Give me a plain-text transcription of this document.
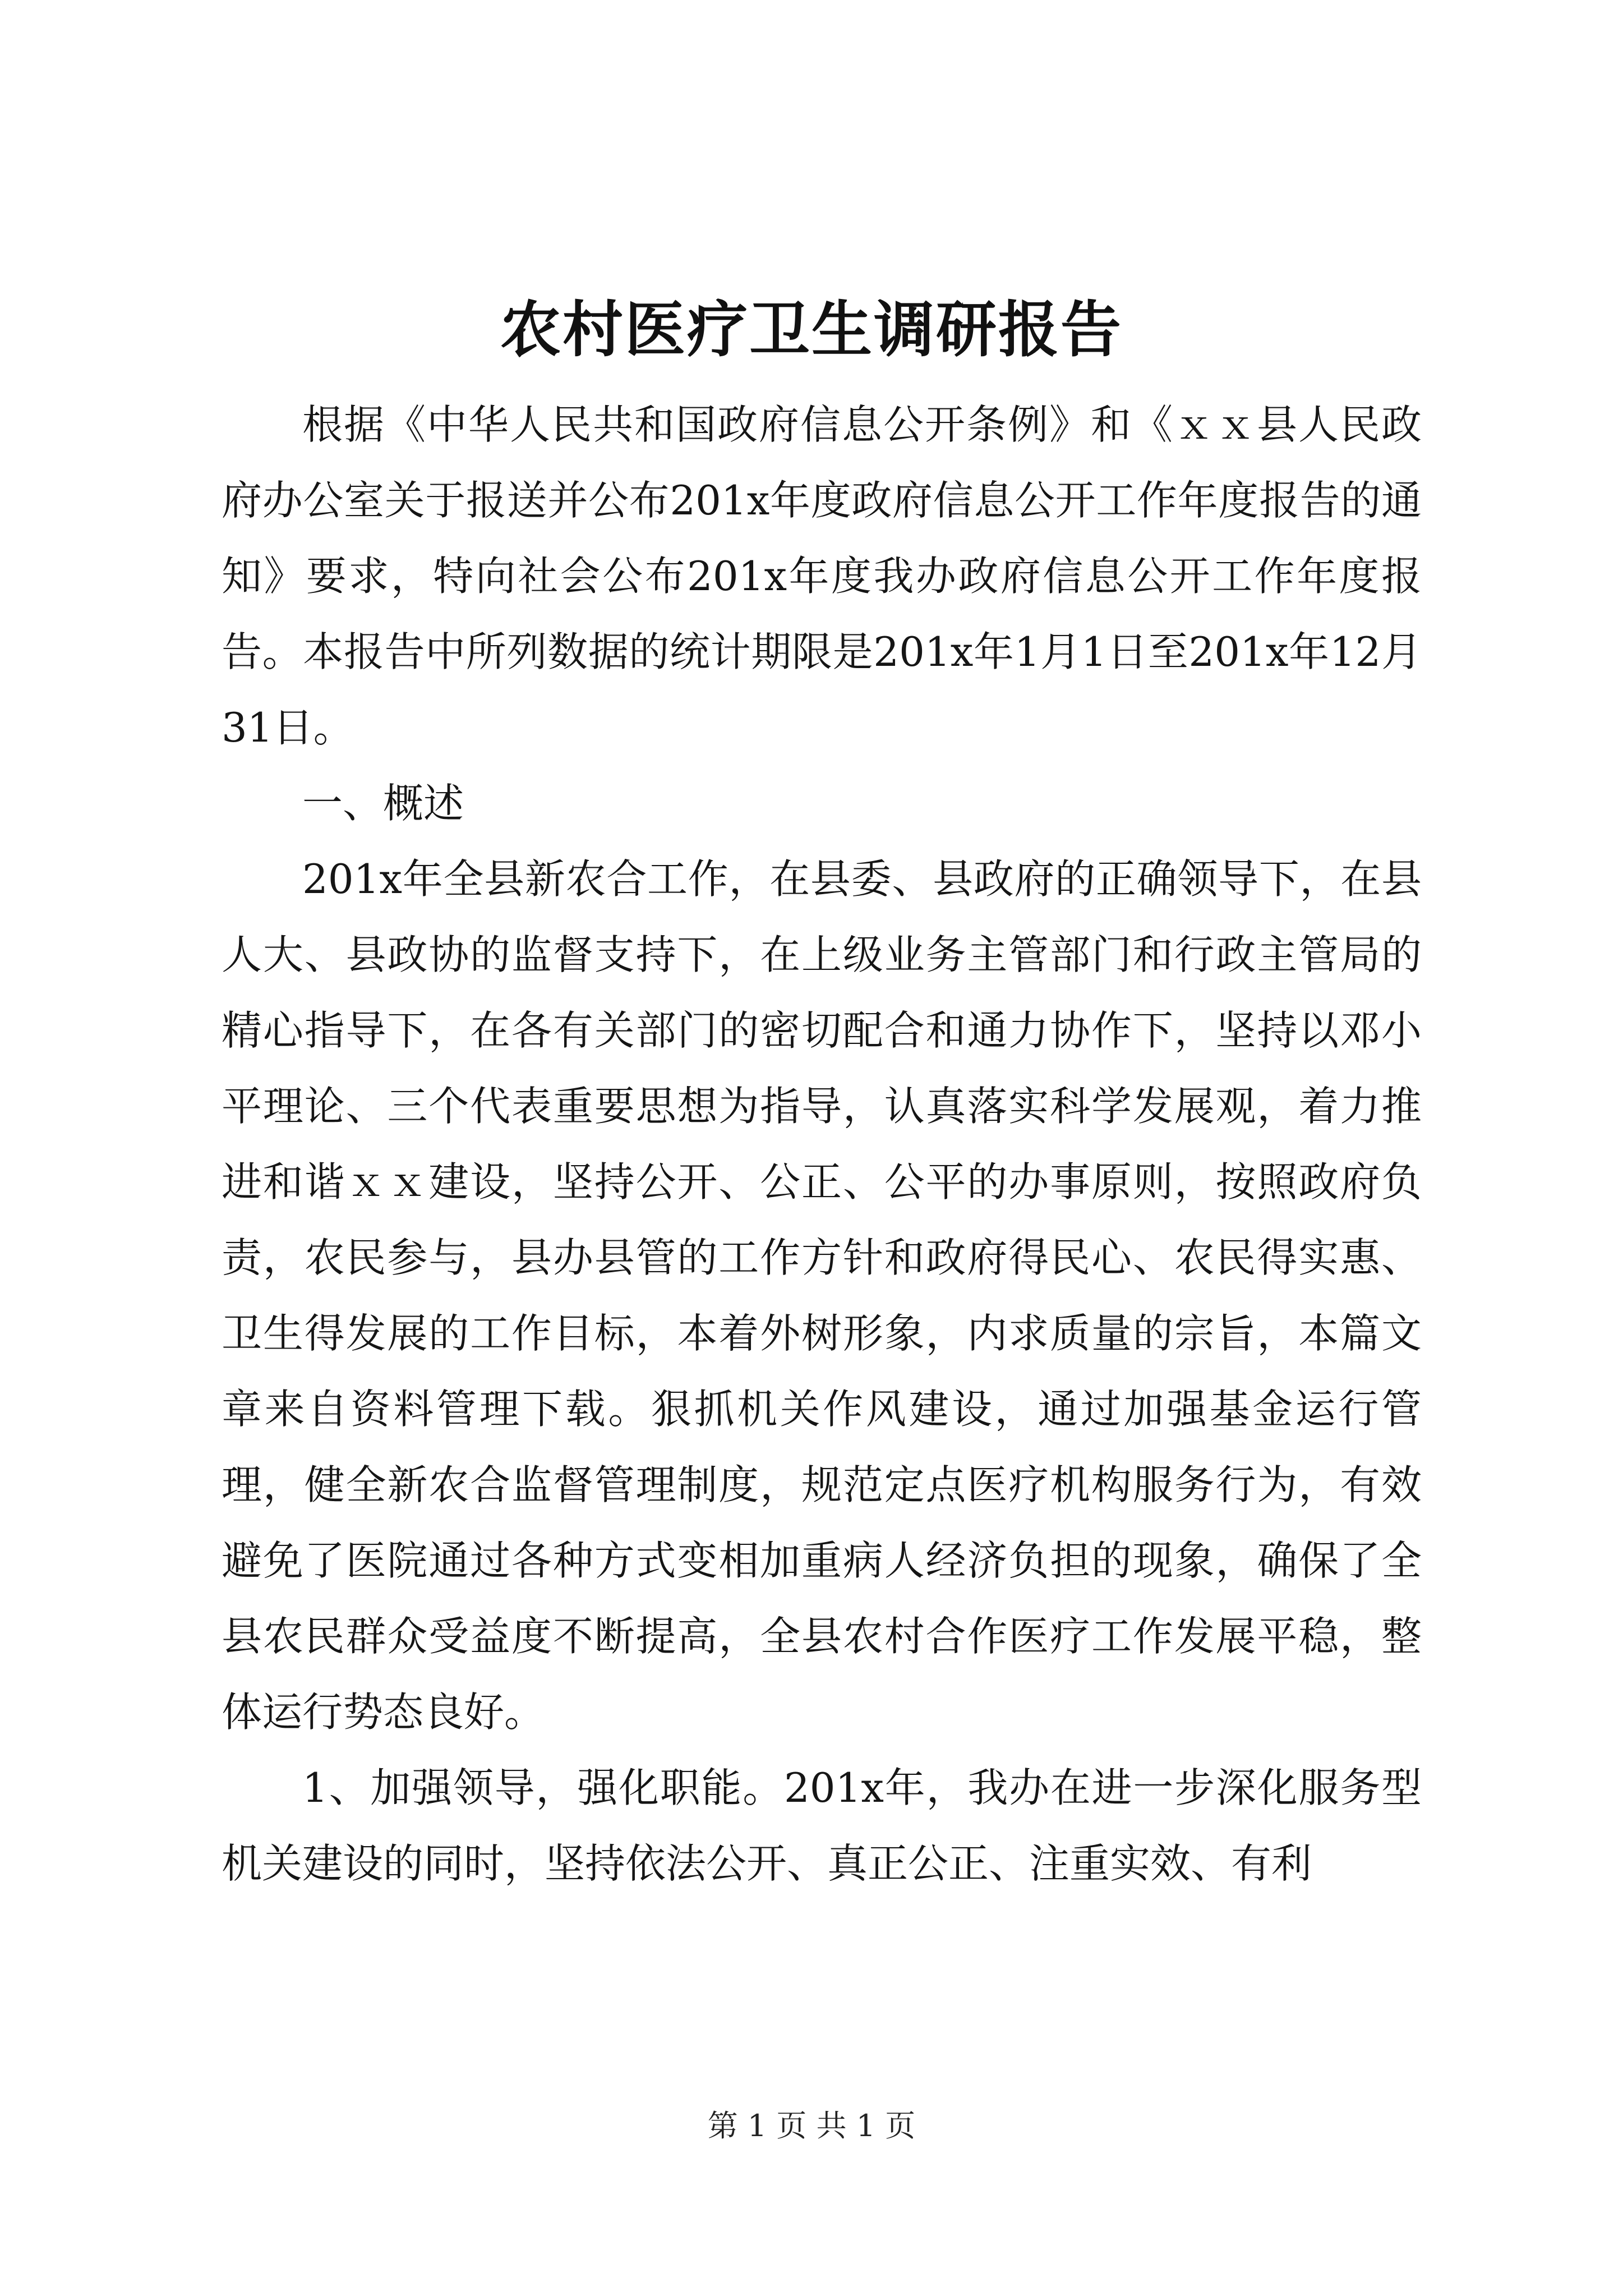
农村医疗卫生调研报告

根据《中华人民共和国政府信息公开条例》和《ｘｘ县人民政府办公室关于报送并公布201x年度政府信息公开工作年度报告的通知》要求，特向社会公布201x年度我办政府信息公开工作年度报告。本报告中所列数据的统计期限是201x年1月1日至201x年12月31日。

一、概述

201x年全县新农合工作，在县委、县政府的正确领导下，在县人大、县政协的监督支持下，在上级业务主管部门和行政主管局的精心指导下，在各有关部门的密切配合和通力协作下，坚持以邓小平理论、三个代表重要思想为指导，认真落实科学发展观，着力推进和谐ｘｘ建设，坚持公开、公正、公平的办事原则，按照政府负责，农民参与，县办县管的工作方针和政府得民心、农民得实惠、卫生得发展的工作目标，本着外树形象，内求质量的宗旨，本篇文章来自资料管理下载。狠抓机关作风建设，通过加强基金运行管理，健全新农合监督管理制度，规范定点医疗机构服务行为，有效避免了医院通过各种方式变相加重病人经济负担的现象，确保了全县农民群众受益度不断提高，全县农村合作医疗工作发展平稳，整体运行势态良好。

1、加强领导，强化职能。201x年，我办在进一步深化服务型机关建设的同时，坚持依法公开、真正公正、注重实效、有利

第 1 页 共 1 页
